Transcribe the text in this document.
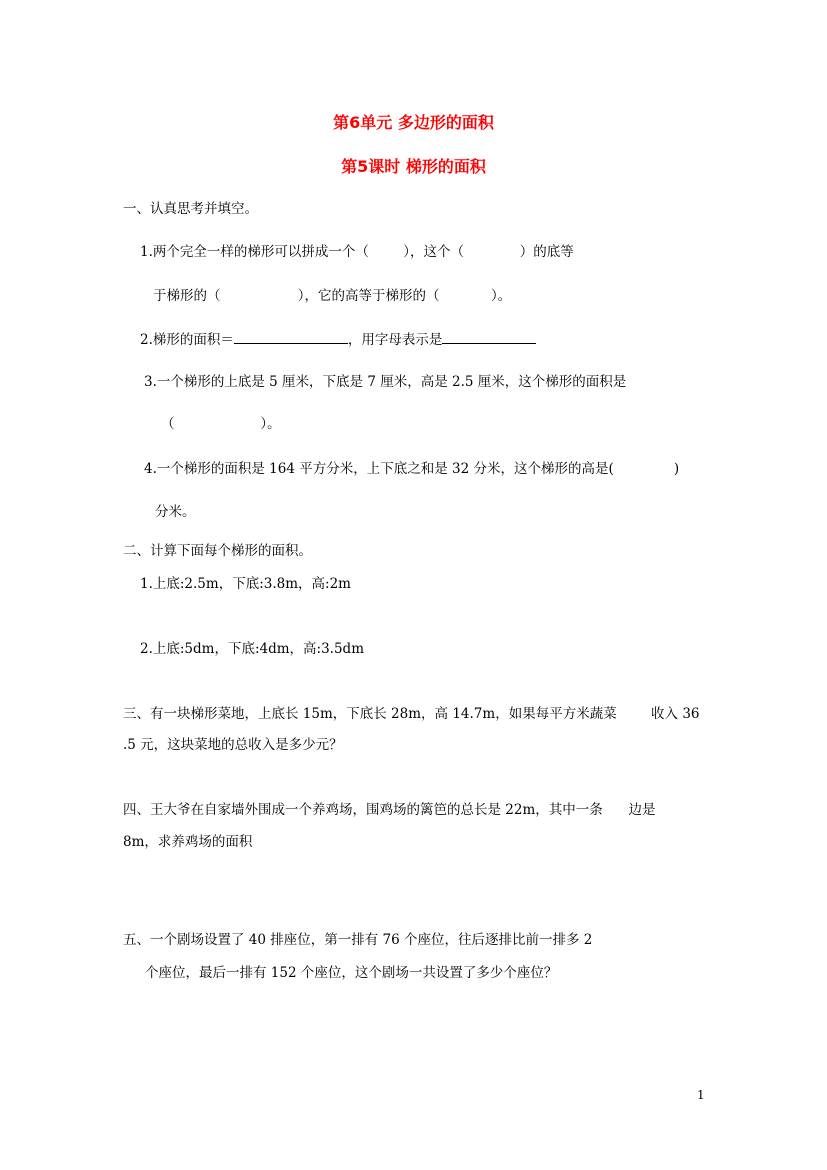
第6单元 多边形的面积
第5课时 梯形的面积
一、认真思考并填空。
1.两个完全一样的梯形可以拼成一个（        ），这个（             ）的底等
于梯形的（                  ），它的高等于梯形的（            ）。
2.梯形的面积＝	，用字母表示是
3.一个梯形的上底是 5 厘米，下底是 7 厘米，高是 2.5 厘米，这个梯形的面积是
（                    ）。
4.一个梯形的面积是 164 平方分米，上下底之和是 32 分米，这个梯形的高是(              )
分米。
二、计算下面每个梯形的面积。
1.上底:2.5m，下底:3.8m，高:2m
2.上底:5dm，下底:4dm，高:3.5dm
三、有一块梯形菜地，上底长 15m，下底长 28m，高 14.7m，如果每平方米蔬菜        收入 36
.5 元，这块菜地的总收入是多少元？
四、王大爷在自家墙外围成一个养鸡场，围鸡场的篱笆的总长是 22m，其中一条      边是
8m，求养鸡场的面积
五、一个剧场设置了 40 排座位，第一排有 76 个座位，往后逐排比前一排多 2
个座位，最后一排有 152 个座位，这个剧场一共设置了多少个座位？
1
